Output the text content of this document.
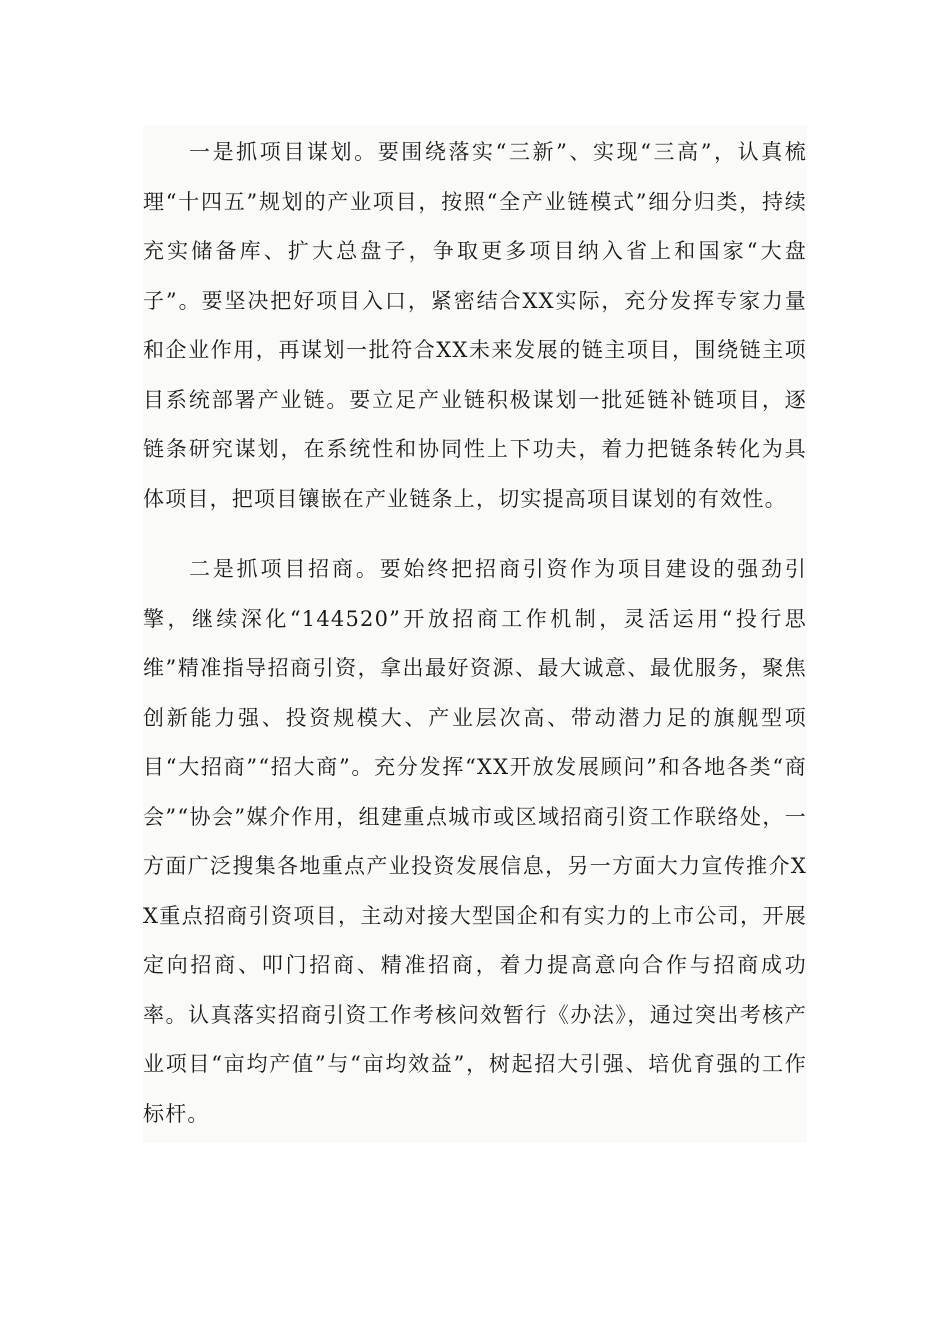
一是抓项目谋划。要围绕落实“三新”、实现“三高”，认真梳理“十四五”规划的产业项目，按照“全产业链模式”细分归类，持续充实储备库、扩大总盘子，争取更多项目纳入省上和国家“大盘子”。要坚决把好项目入口，紧密结合XX实际，充分发挥专家力量和企业作用，再谋划一批符合XX未来发展的链主项目，围绕链主项目系统部署产业链。要立足产业链积极谋划一批延链补链项目，逐链条研究谋划，在系统性和协同性上下功夫，着力把链条转化为具体项目，把项目镶嵌在产业链条上，切实提高项目谋划的有效性。

二是抓项目招商。要始终把招商引资作为项目建设的强劲引擎，继续深化“144520”开放招商工作机制，灵活运用“投行思维”精准指导招商引资，拿出最好资源、最大诚意、最优服务，聚焦创新能力强、投资规模大、产业层次高、带动潜力足的旗舰型项目“大招商”“招大商”。充分发挥“XX开放发展顾问”和各地各类“商会”“协会”媒介作用，组建重点城市或区域招商引资工作联络处，一方面广泛搜集各地重点产业投资发展信息，另一方面大力宣传推介XX重点招商引资项目，主动对接大型国企和有实力的上市公司，开展定向招商、叩门招商、精准招商，着力提高意向合作与招商成功率。认真落实招商引资工作考核问效暂行《办法》，通过突出考核产业项目“亩均产值”与“亩均效益”，树起招大引强、培优育强的工作标杆。
